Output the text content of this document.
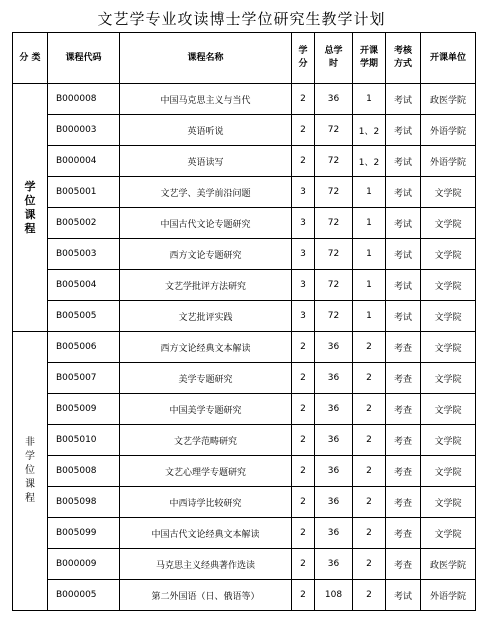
文艺学专业攻读博士学位研究生教学计划
分 类	课程代码	课程名称	学分	总学时	开课学期	考核方式	开课单位
学位课程	B000008	中国马克思主义与当代	2	36	1	考试	政医学院
	B000003	英语听说	2	72	1、2	考试	外语学院
	B000004	英语读写	2	72	1、2	考试	外语学院
	B005001	文艺学、美学前沿问题	3	72	1	考试	文学院
	B005002	中国古代文论专题研究	3	72	1	考试	文学院
	B005003	西方文论专题研究	3	72	1	考试	文学院
	B005004	文艺学批评方法研究	3	72	1	考试	文学院
	B005005	文艺批评实践	3	72	1	考试	文学院
非学位课程	B005006	西方文论经典文本解读	2	36	2	考查	文学院
	B005007	美学专题研究	2	36	2	考查	文学院
	B005009	中国美学专题研究	2	36	2	考查	文学院
	B005010	文艺学范畴研究	2	36	2	考查	文学院
	B005008	文艺心理学专题研究	2	36	2	考查	文学院
	B005098	中西诗学比较研究	2	36	2	考查	文学院
	B005099	中国古代文论经典文本解读	2	36	2	考查	文学院
	B000009	马克思主义经典著作选读	2	36	2	考查	政医学院
	B000005	第二外国语（日、俄语等）	2	108	2	考试	外语学院
